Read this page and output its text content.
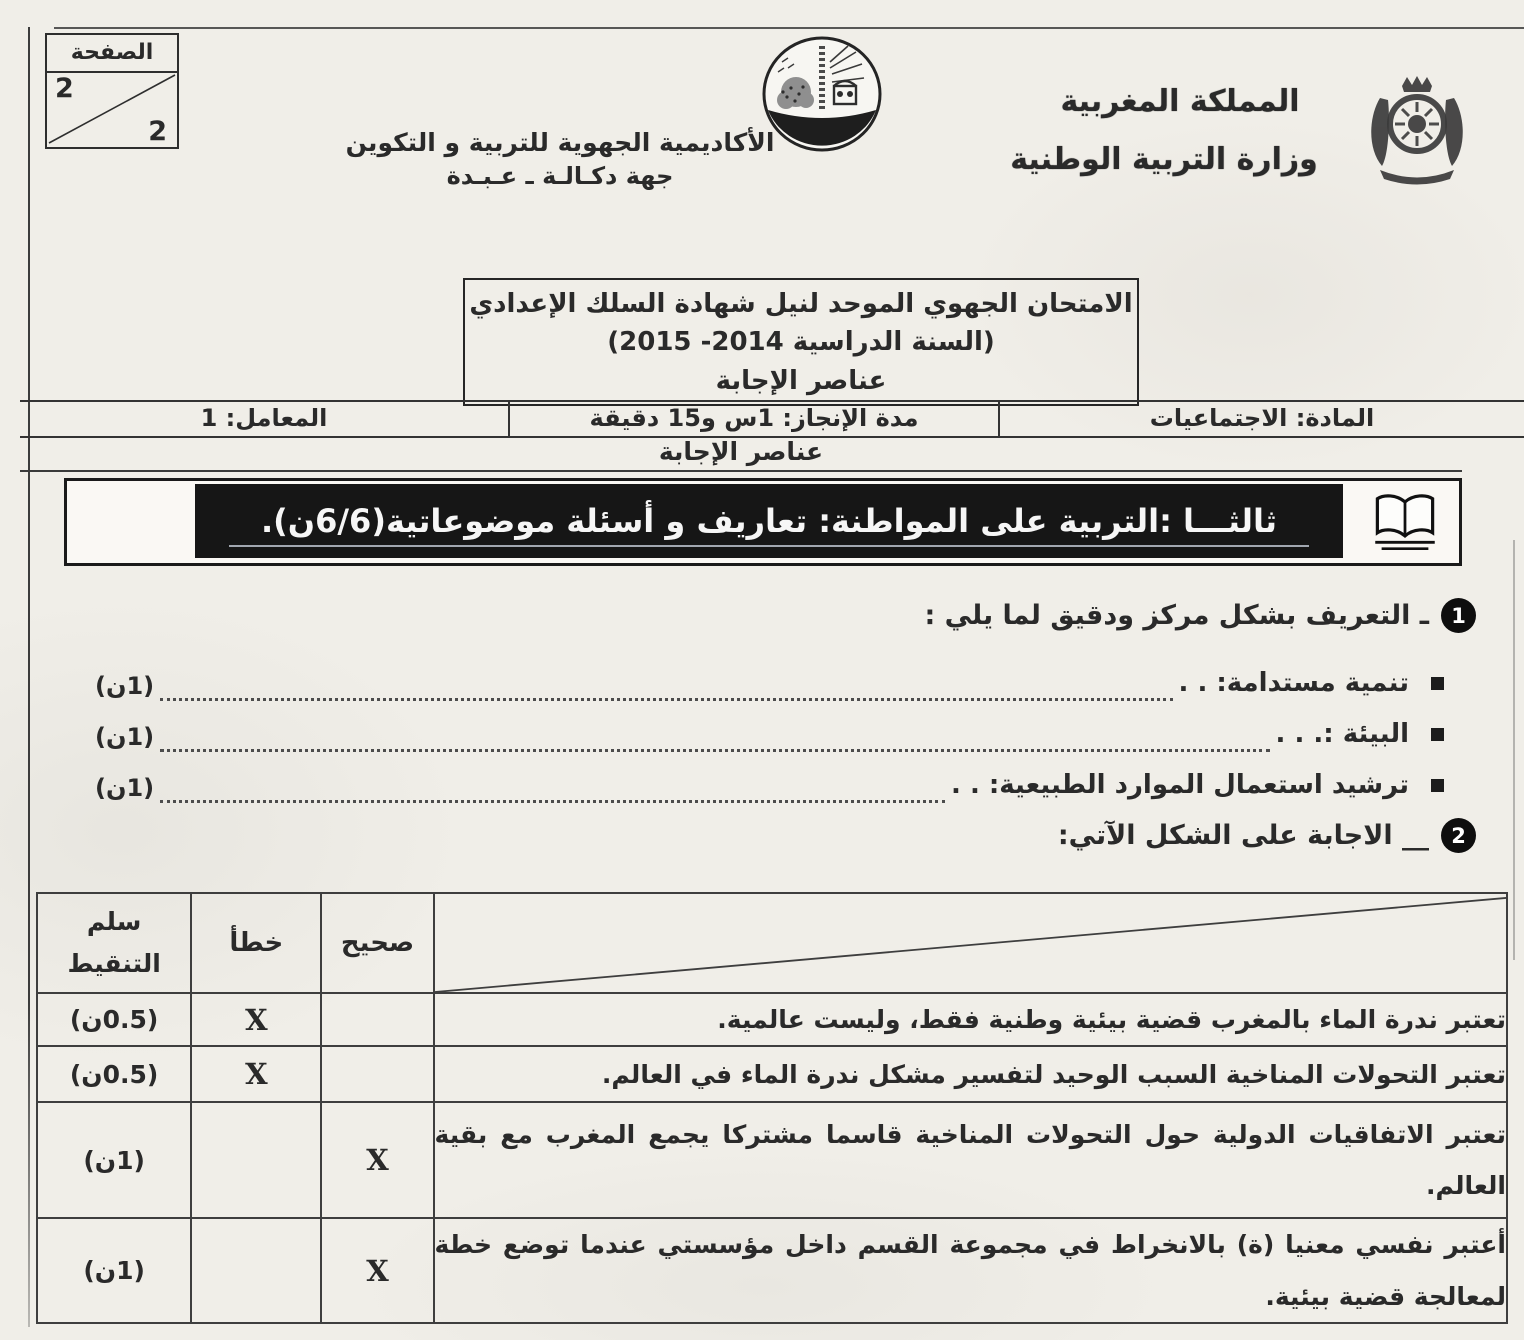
الصفحة
2
2	الأكاديمية الجهوية للتربية و التكوين
جهة دكـالـة ـ عـبـدة
المملكة المغربية
وزارة التربية الوطنية
الامتحان الجهوي الموحد لنيل شهادة السلك الإعدادي
(السنة الدراسية 2014- 2015)
عناصر الإجابة
المادة: الاجتماعيات
مدة الإنجاز: 1س و15 دقيقة
المعامل: 1
عناصر الإجابة
ثالثـــا :التربية على المواطنة: تعاريف و أسئلة موضوعاتية(6/6ن).
1
ـ التعريف بشكل مركز ودقيق لما يلي :
تنمية مستدامة: . .
(1ن)
البيئة :. . .
(1ن)
ترشيد استعمال الموارد الطبيعية: . .
(1ن)
2
__ الاجابة على الشكل الآتي:
	صحيح	خطأ	سلم
التنقيط

تعتبر ندرة الماء بالمغرب قضية بيئية وطنية فقط، وليست عالمية.		X	(0.5ن)
تعتبر التحولات المناخية السبب الوحيد لتفسير مشكل ندرة الماء في العالم.		X	(0.5ن)
تعتبر الاتفاقيات الدولية حول التحولات المناخية قاسما مشتركا يجمع المغرب مع بقية العالم.	X		(1ن)
أعتبر نفسي معنيا (ة) بالانخراط في مجموعة القسم داخل مؤسستي عندما توضع خطة لمعالجة قضية بيئية.	X		(1ن)
